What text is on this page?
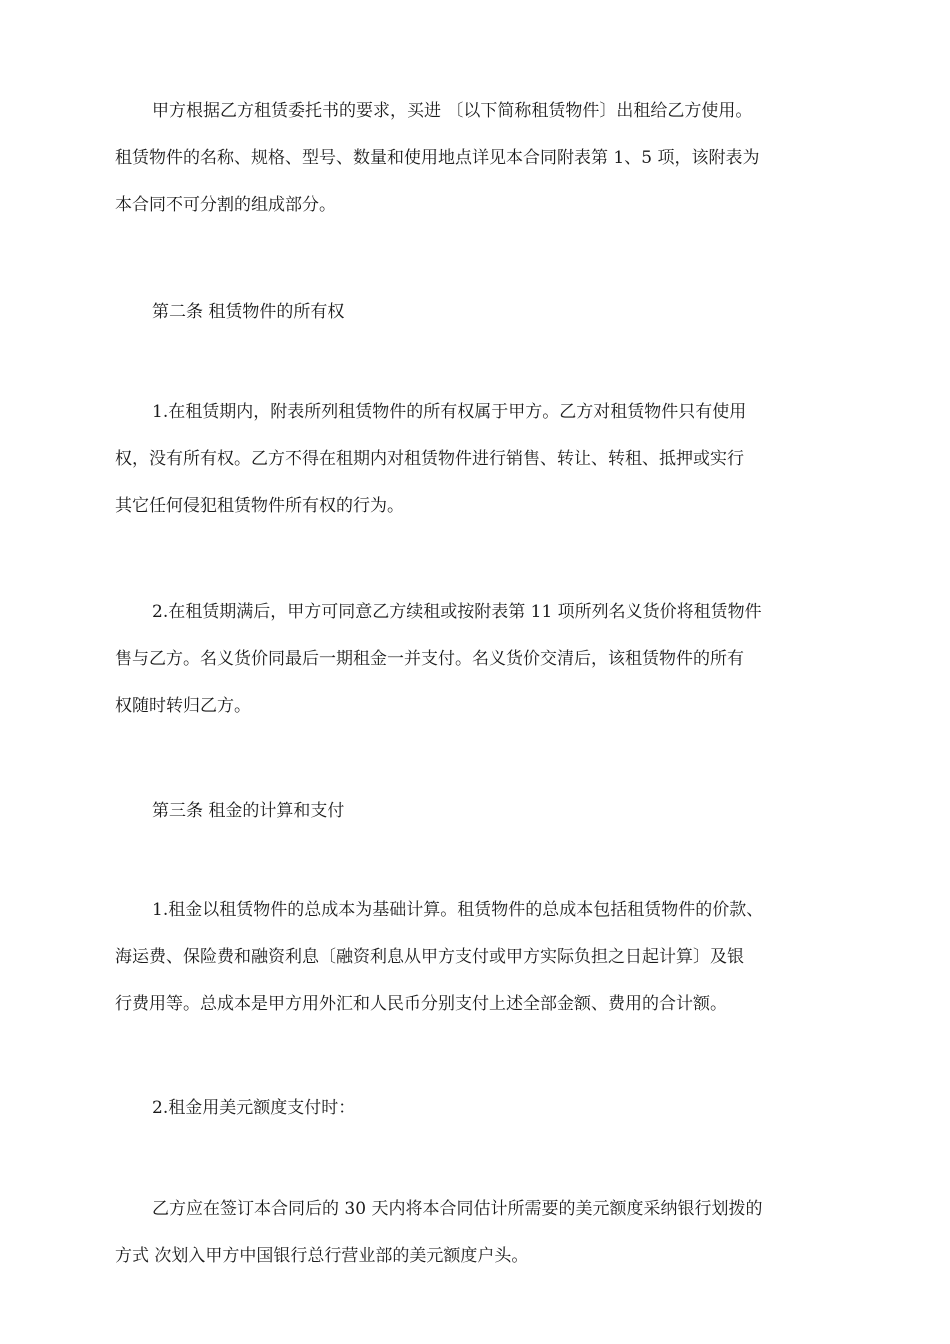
甲方根据乙方租赁委托书的要求，买进 〔以下简称租赁物件〕出租给乙方使用。
租赁物件的名称、规格、型号、数量和使用地点详见本合同附表第 1、5 项，该附表为
本合同不可分割的组成部分。

第二条 租赁物件的所有权

1.在租赁期内，附表所列租赁物件的所有权属于甲方。乙方对租赁物件只有使用
权，没有所有权。乙方不得在租期内对租赁物件进行销售、转让、转租、抵押或实行
其它任何侵犯租赁物件所有权的行为。

2.在租赁期满后，甲方可同意乙方续租或按附表第 11 项所列名义货价将租赁物件
售与乙方。名义货价同最后一期租金一并支付。名义货价交清后，该租赁物件的所有
权随时转归乙方。

第三条 租金的计算和支付

1.租金以租赁物件的总成本为基础计算。租赁物件的总成本包括租赁物件的价款、
海运费、保险费和融资利息〔融资利息从甲方支付或甲方实际负担之日起计算〕及银
行费用等。总成本是甲方用外汇和人民币分别支付上述全部金额、费用的合计额。

2.租金用美元额度支付时：

乙方应在签订本合同后的 30 天内将本合同估计所需要的美元额度采纳银行划拨的
方式 次划入甲方中国银行总行营业部的美元额度户头。
